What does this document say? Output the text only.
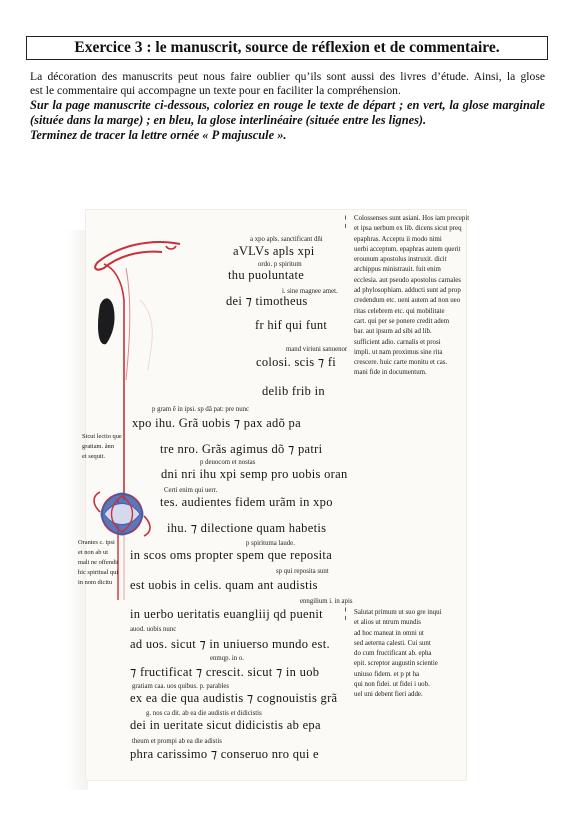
Exercice 3 : le manuscrit, source de réflexion et de commentaire.
La décoration des manuscrits peut nous faire oublier qu’ils sont aussi des livres d’étude. Ainsi, la glose
est le commentaire qui accompagne un texte pour en faciliter la compréhension.

Sur la page manuscrite ci-dessous, coloriez en rouge le texte de départ ; en vert, la glose marginale (située dans la marge) ; en bleu, la glose interlinéaire (située entre les lignes).

Terminez de tracer la lettre ornée « P majuscule ».

aVLVs apls xpi
thu puoluntate
dei ⁊ timotheus
fr hif qui funt
colosi. scis ⁊ fi
delib frib in
xpo ihu. Grã uobis ⁊ pax adõ pa
tre nro. Grãs agimus dõ ⁊ patri
dni nri ihu xpi semp pro uobis oran
tes. audientes fidem urãm in xpo
ihu. ⁊ dilectione quam habetis
in scos oms propter spem que reposita
est uobis in celis. quam ant audistis
in uerbo ueritatis euangliij qd puenit
ad uos. sicut ⁊ in uniuerso mundo est.
⁊ fructificat ⁊ crescit. sicut ⁊ in uob
ex ea die qua audistis ⁊ cognouistis grã
dei in ueritate sicut didicistis ab epa
phra carissimo ⁊ conseruo nro qui e
a xpo apls. sanctificant dñi
ordo. p spiritum
i. sine magnee amet.
mand viriuni sanuenor
p gram ẽ in ipsi. sp dã pat: pre nunc
p deuocom et nostas
Certi enim qui uerr.
p spirituma laude.
sp qui reposita sunt
auod. uobis nunc
enngilium i. in apis
enmqp. in o.
gratiam caa. uos quibus. p. parables
g. nos ca dit. ab ea die audistis et didicistis
theum et prompi ab ea die adistis
Colossenses sunt asiani. Hos iam precepit
et ipsa uerbum ex lib. dicens sicut preq
epaphras. Acceptu ii modo nimi
uerbi acceptum. epaphras autem querit
erounum apostolus instruxit. dicit
archippus ministrauit. fuit enim
ecclesia. aut pseudo apostolus carnales
ad phylosophiam. adducti sunt ad prop
credendum etc. ueni autem ad non ueo
ritas celebrem etc. qui mobilitate
cart. qui per se ponere credit adem
bar. aut ipsum ad sibi ad lib.
sufficient adio. carnalis et prosi
impli. ut nam proximus sine rita
crescere. huic carte monitu et cas.
mani fide in documentum.
Salutat primum ut suo gre inqui
et alios ut ntrum mundis
ad hoc maneat in omni ut
sed aeterna calesti. Cui sunt
do cum fructificant ab. epha
epit. screptor augustin scientie
uniuso fidem. et p pt ha
qui non fidei. ut fidei i uob.
uel uni debent fieri adde.
Sicut lectio que
gratiam. ãnn
et sequit.
Orantes c. ipsi
et non ab ut
mali ne offendit
hic spiritual qui
in nom dicitu
¦
¦
